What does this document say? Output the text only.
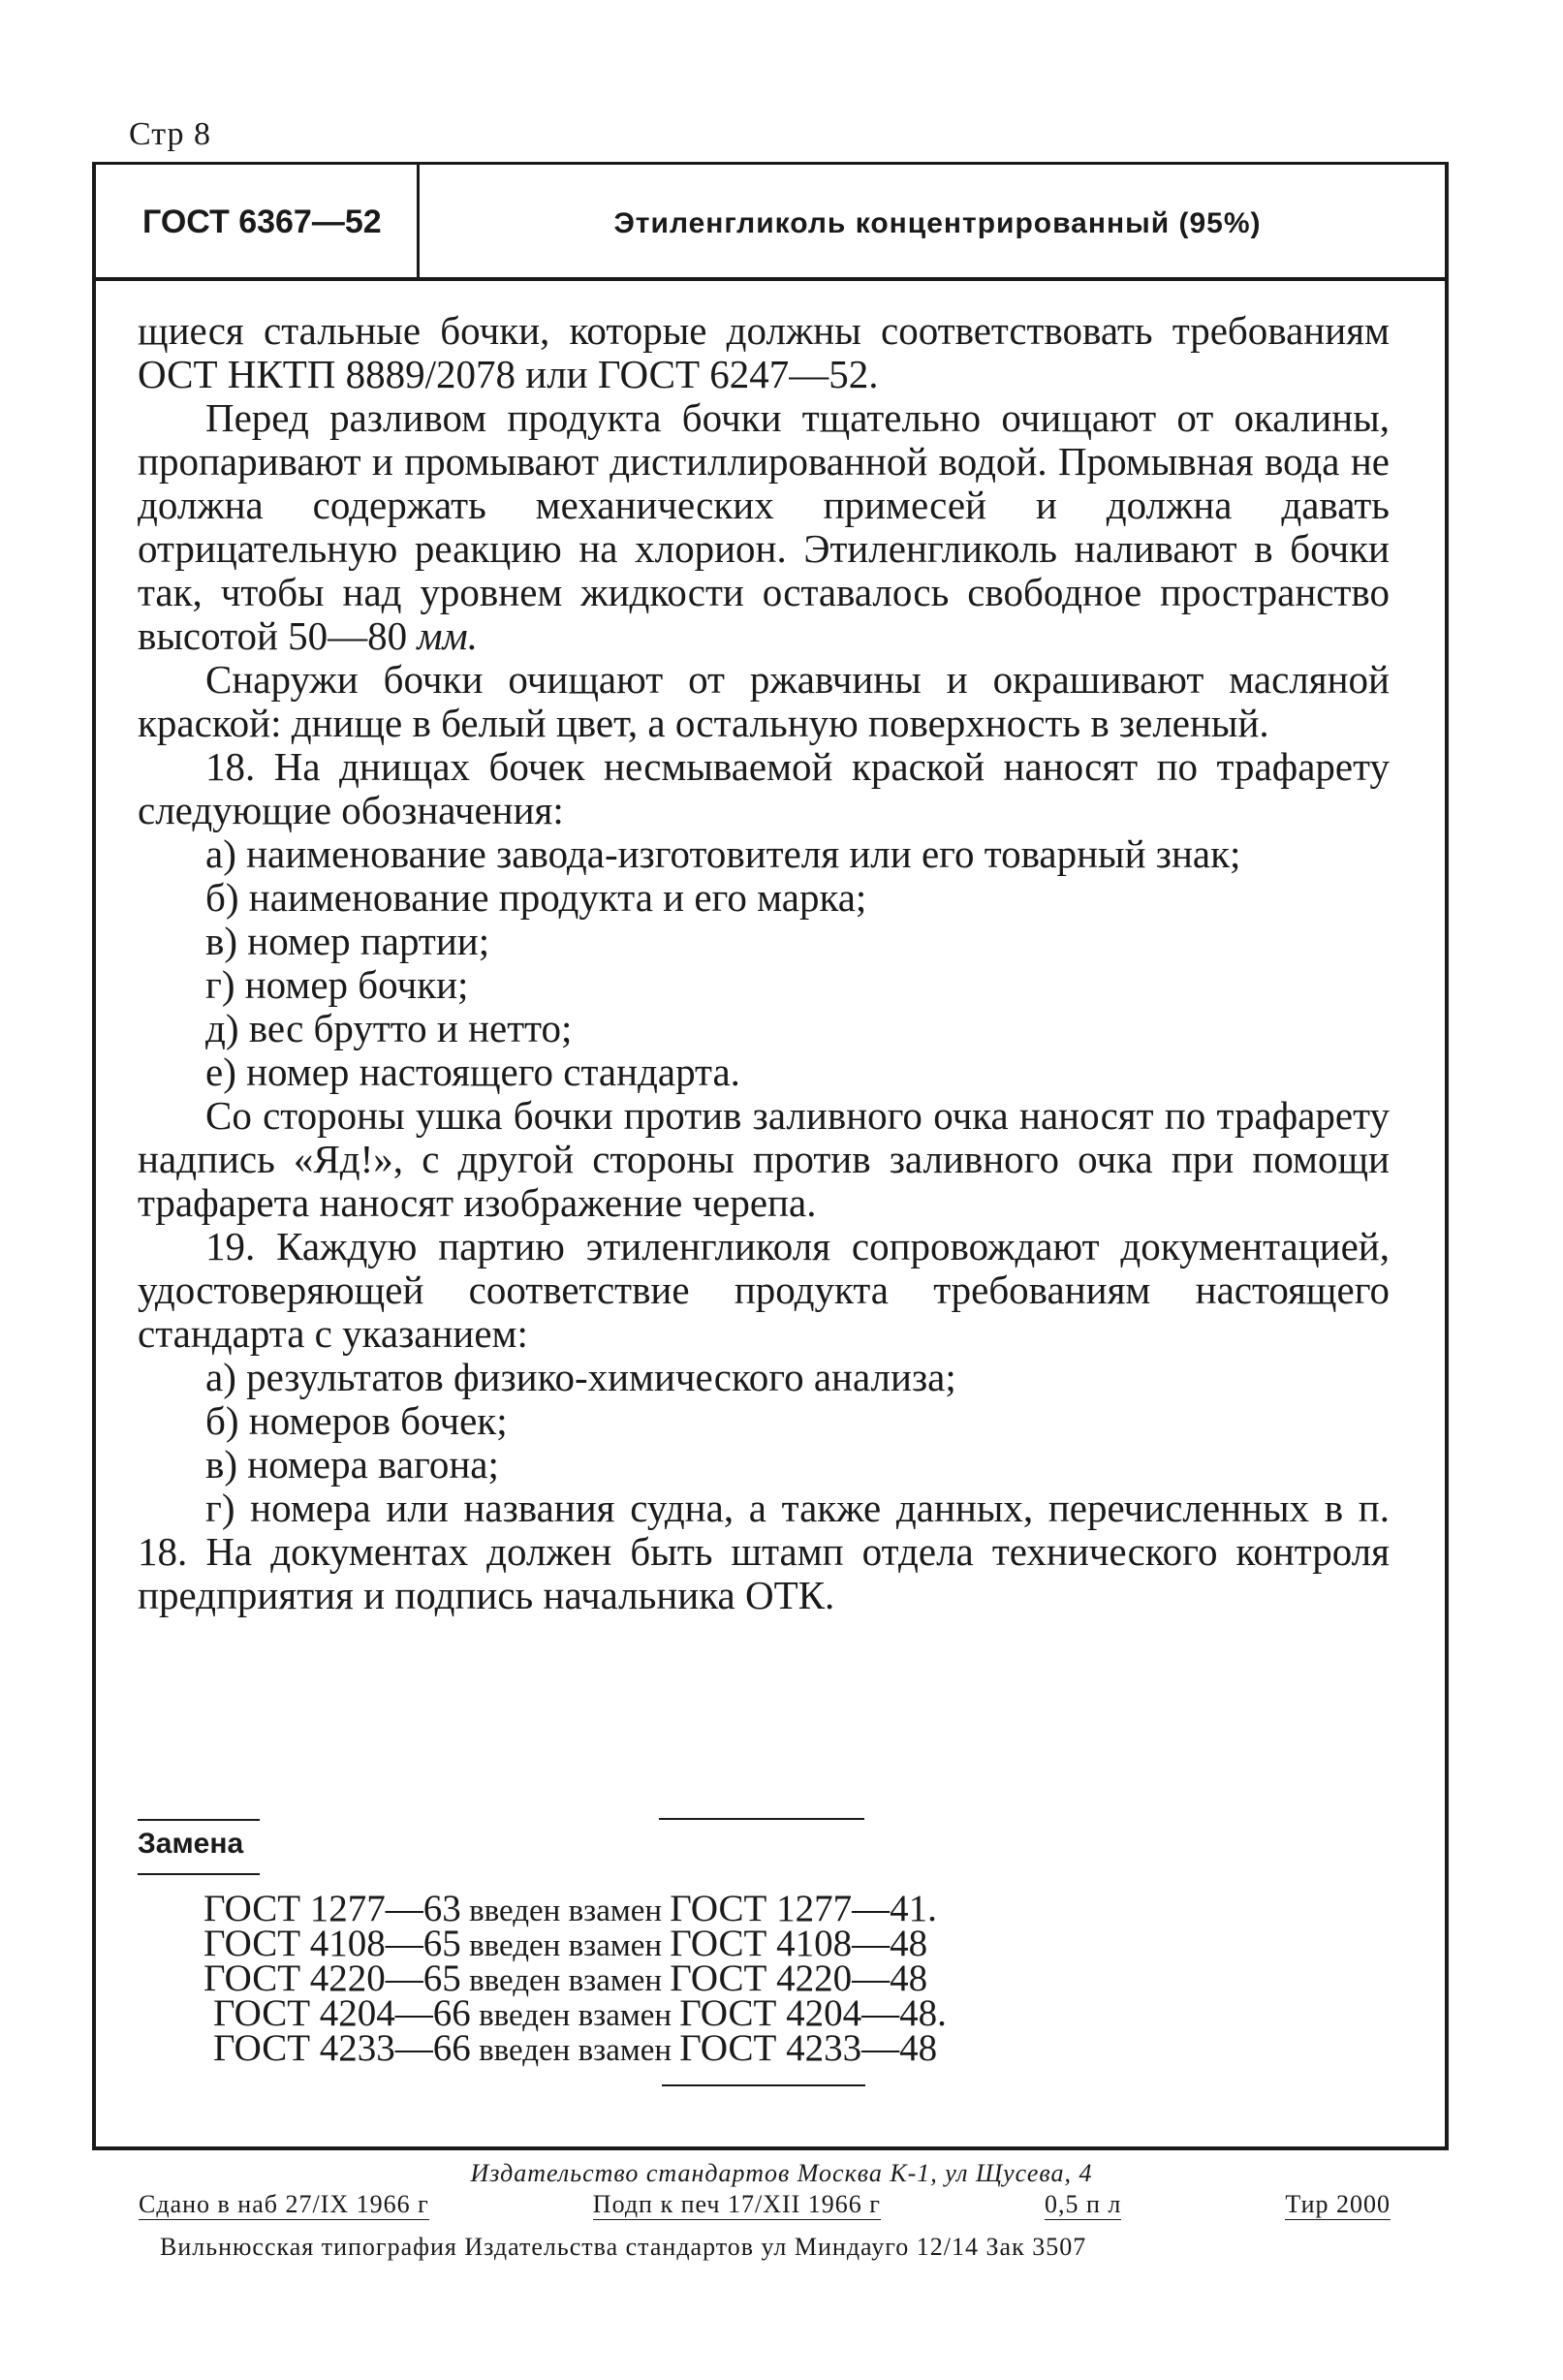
Стр 8
ГОСТ 6367—52	Этиленгликоль концентрированный (95%)

щиеся стальные бочки, которые должны соответствовать требованиям ОСТ НКТП 8889/2078 или ГОСТ 6247—52.

Перед разливом продукта бочки тщательно очищают от окалины, пропаривают и промывают дистиллированной водой. Промывная вода не должна содержать механических примесей и должна давать отрицательную реакцию на хлорион. Этиленгликоль наливают в бочки так, чтобы над уровнем жидкости оставалось свободное пространство высотой 50—80 мм.

Снаружи бочки очищают от ржавчины и окрашивают масляной краской: днище в белый цвет, а остальную поверхность в зеленый.

18. На днищах бочек несмываемой краской наносят по трафарету следующие обозначения:

а) наименование завода-изготовителя или его товарный знак;

б) наименование продукта и его марка;

в) номер партии;

г) номер бочки;

д) вес брутто и нетто;

е) номер настоящего стандарта.

Со стороны ушка бочки против заливного очка наносят по трафарету надпись «Яд!», с другой стороны против заливного очка при помощи трафарета наносят изображение черепа.

19. Каждую партию этиленгликоля сопровождают документацией, удостоверяющей соответствие продукта требованиям настоящего стандарта с указанием:

а) результатов физико-химического анализа;

б) номеров бочек;

в) номера вагона;

г) номера или названия судна, а также данных, перечисленных в п. 18. На документах должен быть штамп отдела технического контроля предприятия и подпись начальника ОТК.

Замена
ГОСТ 1277—63 введен взамен ГОСТ 1277—41.
ГОСТ 4108—65 введен взамен ГОСТ 4108—48
ГОСТ 4220—65 введен взамен ГОСТ 4220—48
ГОСТ 4204—66 введен взамен ГОСТ 4204—48.
ГОСТ 4233—66 введен взамен ГОСТ 4233—48
Издательство стандартов Москва К-1, ул Щусева, 4
Сдано в наб 27/IX 1966 г	Подп к печ 17/XII 1966 г	0,5 п л	Тир 2000
Вильнюсская типография Издательства стандартов ул Миндауго 12/14 Зак 3507
